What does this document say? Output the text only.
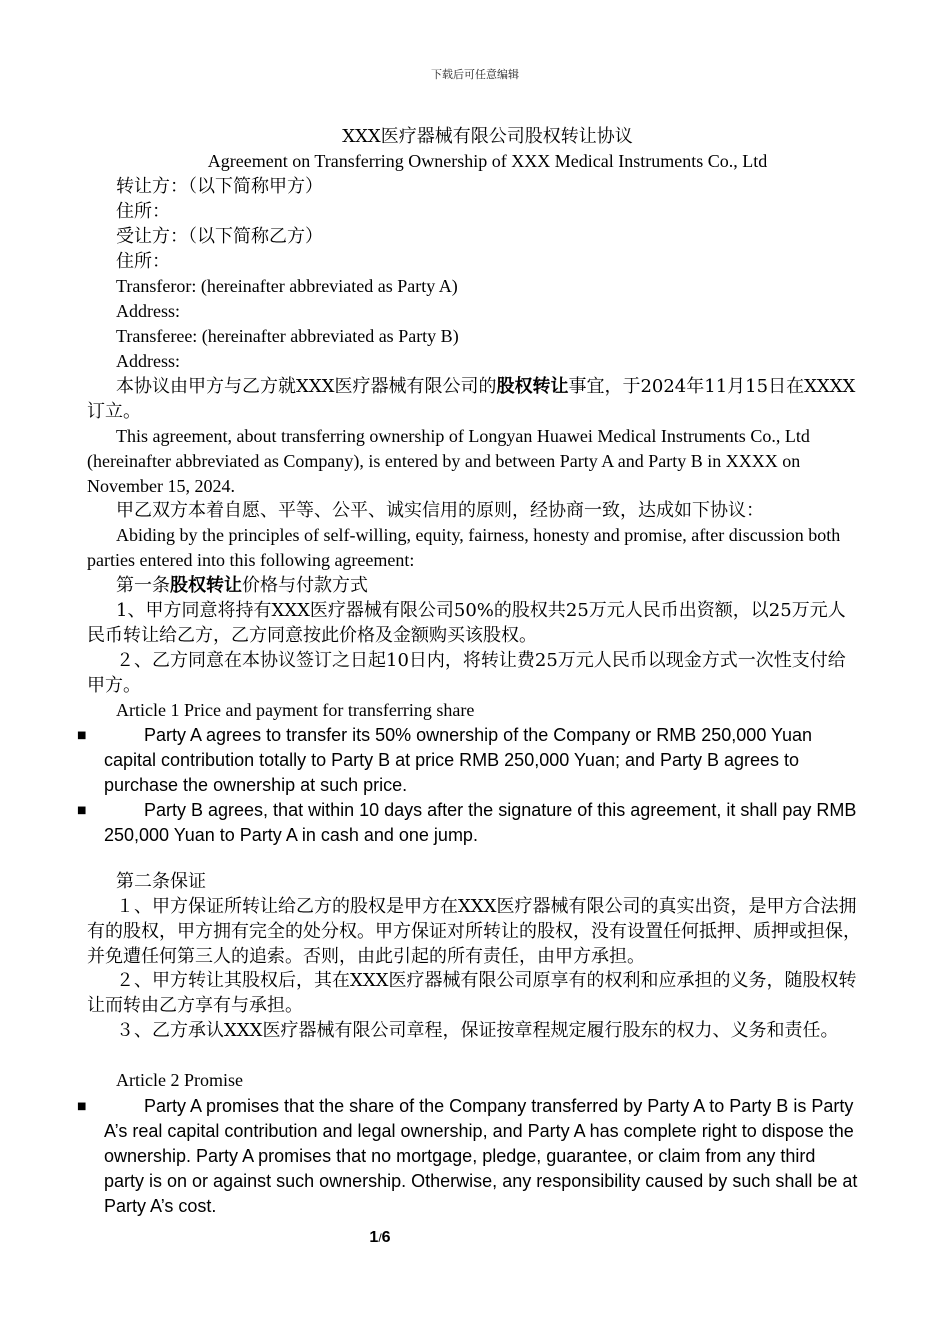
下载后可任意编辑
XXX医疗器械有限公司股权转让协议
Agreement on Transferring Ownership of XXX Medical Instruments Co., Ltd
转让方：（以下简称甲方）
住所：
受让方：（以下简称乙方）
住所：
Transferor: (hereinafter abbreviated as Party A)
Address:
Transferee: (hereinafter abbreviated as Party B)
Address:
本协议由甲方与乙方就XXX医疗器械有限公司的股权转让事宜，于2024年11月15日在XXXX订立。
This agreement, about transferring ownership of Longyan Huawei Medical Instruments Co., Ltd (hereinafter abbreviated as Company), is entered by and between Party A and Party B in XXXX on November 15, 2024.
甲乙双方本着自愿、平等、公平、诚实信用的原则，经协商一致，达成如下协议：
Abiding by the principles of self-willing, equity, fairness, honesty and promise, after discussion both parties entered into this following agreement:
第一条股权转让价格与付款方式
1、甲方同意将持有XXX医疗器械有限公司50%的股权共25万元人民币出资额，以25万元人民币转让给乙方，乙方同意按此价格及金额购买该股权。
２、乙方同意在本协议签订之日起10日内，将转让费25万元人民币以现金方式一次性支付给甲方。
Article 1 Price and payment for transferring share
■	Party A agrees to transfer its 50% ownership of the Company or RMB 250,000 Yuan capital contribution totally to Party B at price RMB 250,000 Yuan; and Party B agrees to purchase the ownership at such price.
■	Party B agrees, that within 10 days after the signature of this agreement, it shall pay RMB 250,000 Yuan to Party A in cash and one jump.
第二条保证
１、甲方保证所转让给乙方的股权是甲方在XXX医疗器械有限公司的真实出资，是甲方合法拥有的股权，甲方拥有完全的处分权。甲方保证对所转让的股权，没有设置任何抵押、质押或担保，并免遭任何第三人的追索。否则，由此引起的所有责任，由甲方承担。
２、甲方转让其股权后，其在XXX医疗器械有限公司原享有的权利和应承担的义务，随股权转让而转由乙方享有与承担。
３、乙方承认XXX医疗器械有限公司章程，保证按章程规定履行股东的权力、义务和责任。
Article 2 Promise
■	Party A promises that the share of the Company transferred by Party A to Party B is Party A’s real capital contribution and legal ownership, and Party A has complete right to dispose the ownership. Party A promises that no mortgage, pledge, guarantee, or claim from any third party is on or against such ownership. Otherwise, any responsibility caused by such shall be at Party A’s cost.
1/6
